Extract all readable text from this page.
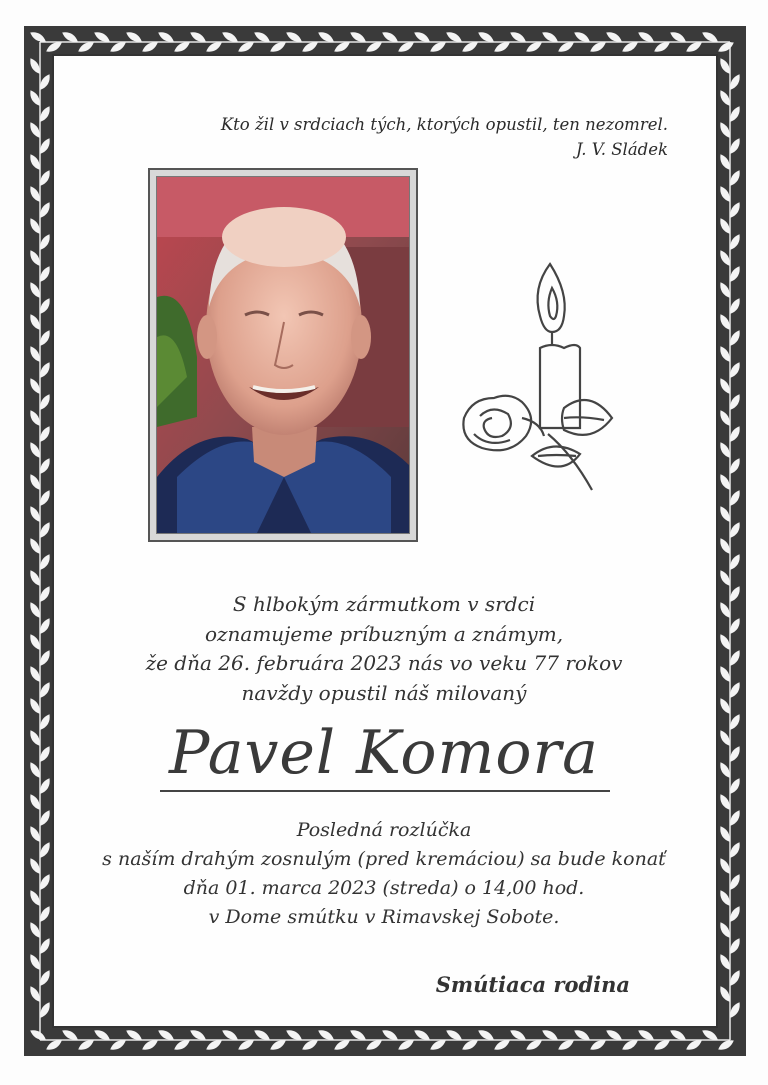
Kto žil v srdciach tých, ktorých opustil, ten nezomrel.
J. V. Sládek
S hlbokým zármutkom v srdci
oznamujeme príbuzným a známym,
že dňa 26. februára 2023 nás vo veku 77 rokov
navždy opustil náš milovaný
Pavel Komora
Posledná rozlúčka
s naším drahým zosnulým (pred kremáciou) sa bude konať
dňa 01. marca 2023 (streda) o 14,00 hod.
v Dome smútku v Rimavskej Sobote.
Smútiaca rodina
